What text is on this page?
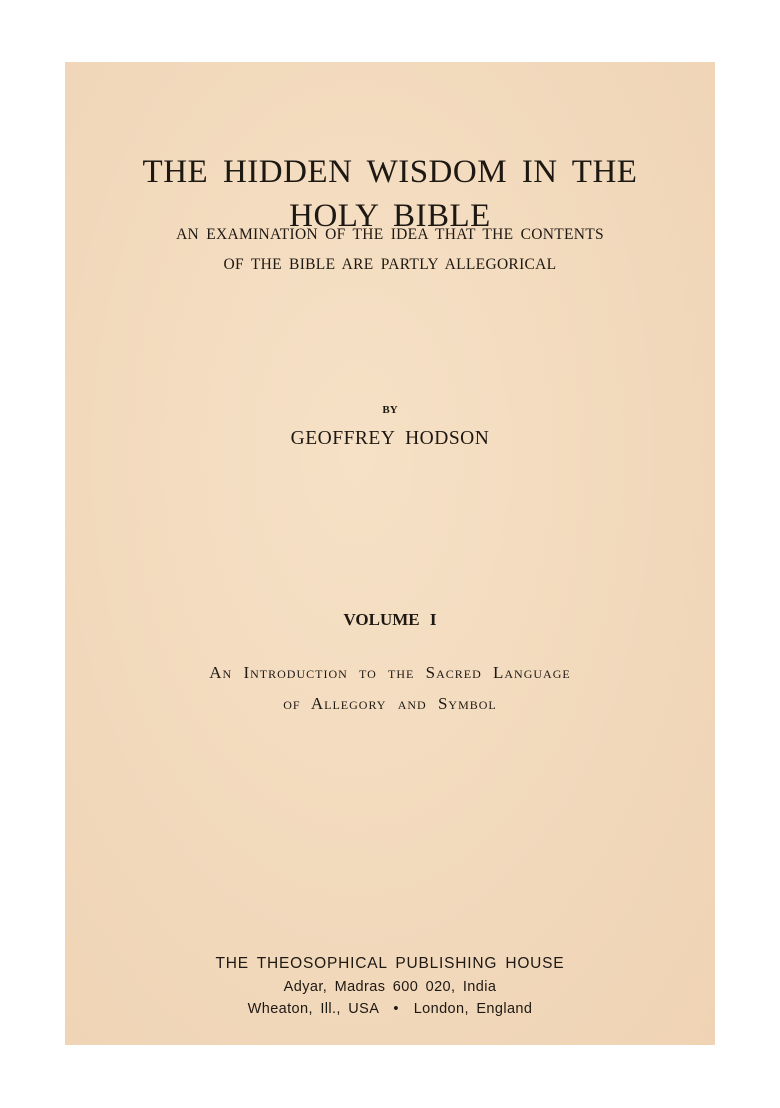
THE HIDDEN WISDOM IN THE
HOLY BIBLE
AN EXAMINATION OF THE IDEA THAT THE CONTENTS
OF THE BIBLE ARE PARTLY ALLEGORICAL
BY
GEOFFREY HODSON
VOLUME I
An Introduction to the Sacred Language
of Allegory and Symbol
THE THEOSOPHICAL PUBLISHING HOUSE
Adyar, Madras 600 020, India
Wheaton, Ill., USA  •  London, England
